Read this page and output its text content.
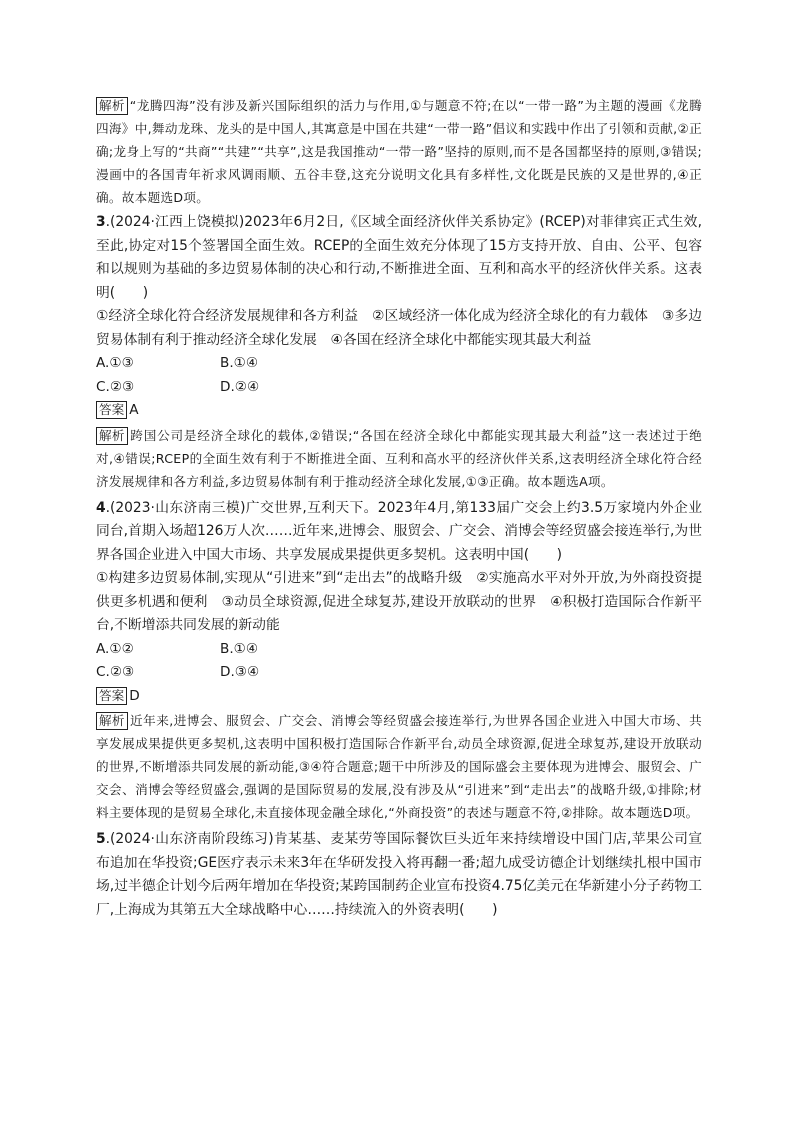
解析 “龙腾四海”没有涉及新兴国际组织的活力与作用,①与题意不符;在以“一带一路”为主题的漫画《龙腾四海》中,舞动龙珠、龙头的是中国人,其寓意是中国在共建“一带一路”倡议和实践中作出了引领和贡献,②正确;龙身上写的“共商”“共建”“共享”,这是我国推动“一带一路”坚持的原则,而不是各国都坚持的原则,③错误;漫画中的各国青年祈求风调雨顺、五谷丰登,这充分说明文化具有多样性,文化既是民族的又是世界的,④正确。故本题选D项。

3.(2024·江西上饶模拟)2023年6月2日,《区域全面经济伙伴关系协定》(RCEP)对菲律宾正式生效,至此,协定对15个签署国全面生效。RCEP的全面生效充分体现了15方支持开放、自由、公平、包容和以规则为基础的多边贸易体制的决心和行动,不断推进全面、互利和高水平的经济伙伴关系。这表明(　　)

①经济全球化符合经济发展规律和各方利益　②区域经济一体化成为经济全球化的有力载体　③多边贸易体制有利于推动经济全球化发展　④各国在经济全球化中都能实现其最大利益

A.①③	B.①④
C.②③	D.②④
答案 A

解析 跨国公司是经济全球化的载体,②错误;“各国在经济全球化中都能实现其最大利益”这一表述过于绝对,④错误;RCEP的全面生效有利于不断推进全面、互利和高水平的经济伙伴关系,这表明经济全球化符合经济发展规律和各方利益,多边贸易体制有利于推动经济全球化发展,①③正确。故本题选A项。

4.(2023·山东济南三模)广交世界,互利天下。2023年4月,第133届广交会上约3.5万家境内外企业同台,首期入场超126万人次……近年来,进博会、服贸会、广交会、消博会等经贸盛会接连举行,为世界各国企业进入中国大市场、共享发展成果提供更多契机。这表明中国(　　)

①构建多边贸易体制,实现从“引进来”到“走出去”的战略升级　②实施高水平对外开放,为外商投资提供更多机遇和便利　③动员全球资源,促进全球复苏,建设开放联动的世界　④积极打造国际合作新平台,不断增添共同发展的新动能

A.①②	B.①④
C.②③	D.③④
答案 D

解析 近年来,进博会、服贸会、广交会、消博会等经贸盛会接连举行,为世界各国企业进入中国大市场、共享发展成果提供更多契机,这表明中国积极打造国际合作新平台,动员全球资源,促进全球复苏,建设开放联动的世界,不断增添共同发展的新动能,③④符合题意;题干中所涉及的国际盛会主要体现为进博会、服贸会、广交会、消博会等经贸盛会,强调的是国际贸易的发展,没有涉及从“引进来”到“走出去”的战略升级,①排除;材料主要体现的是贸易全球化,未直接体现金融全球化,“外商投资”的表述与题意不符,②排除。故本题选D项。

5.(2024·山东济南阶段练习)肯某基、麦某劳等国际餐饮巨头近年来持续增设中国门店,苹果公司宣布追加在华投资;GE医疗表示未来3年在华研发投入将再翻一番;超九成受访德企计划继续扎根中国市场,过半德企计划今后两年增加在华投资;某跨国制药企业宣布投资4.75亿美元在华新建小分子药物工厂,上海成为其第五大全球战略中心……持续流入的外资表明(　　)
